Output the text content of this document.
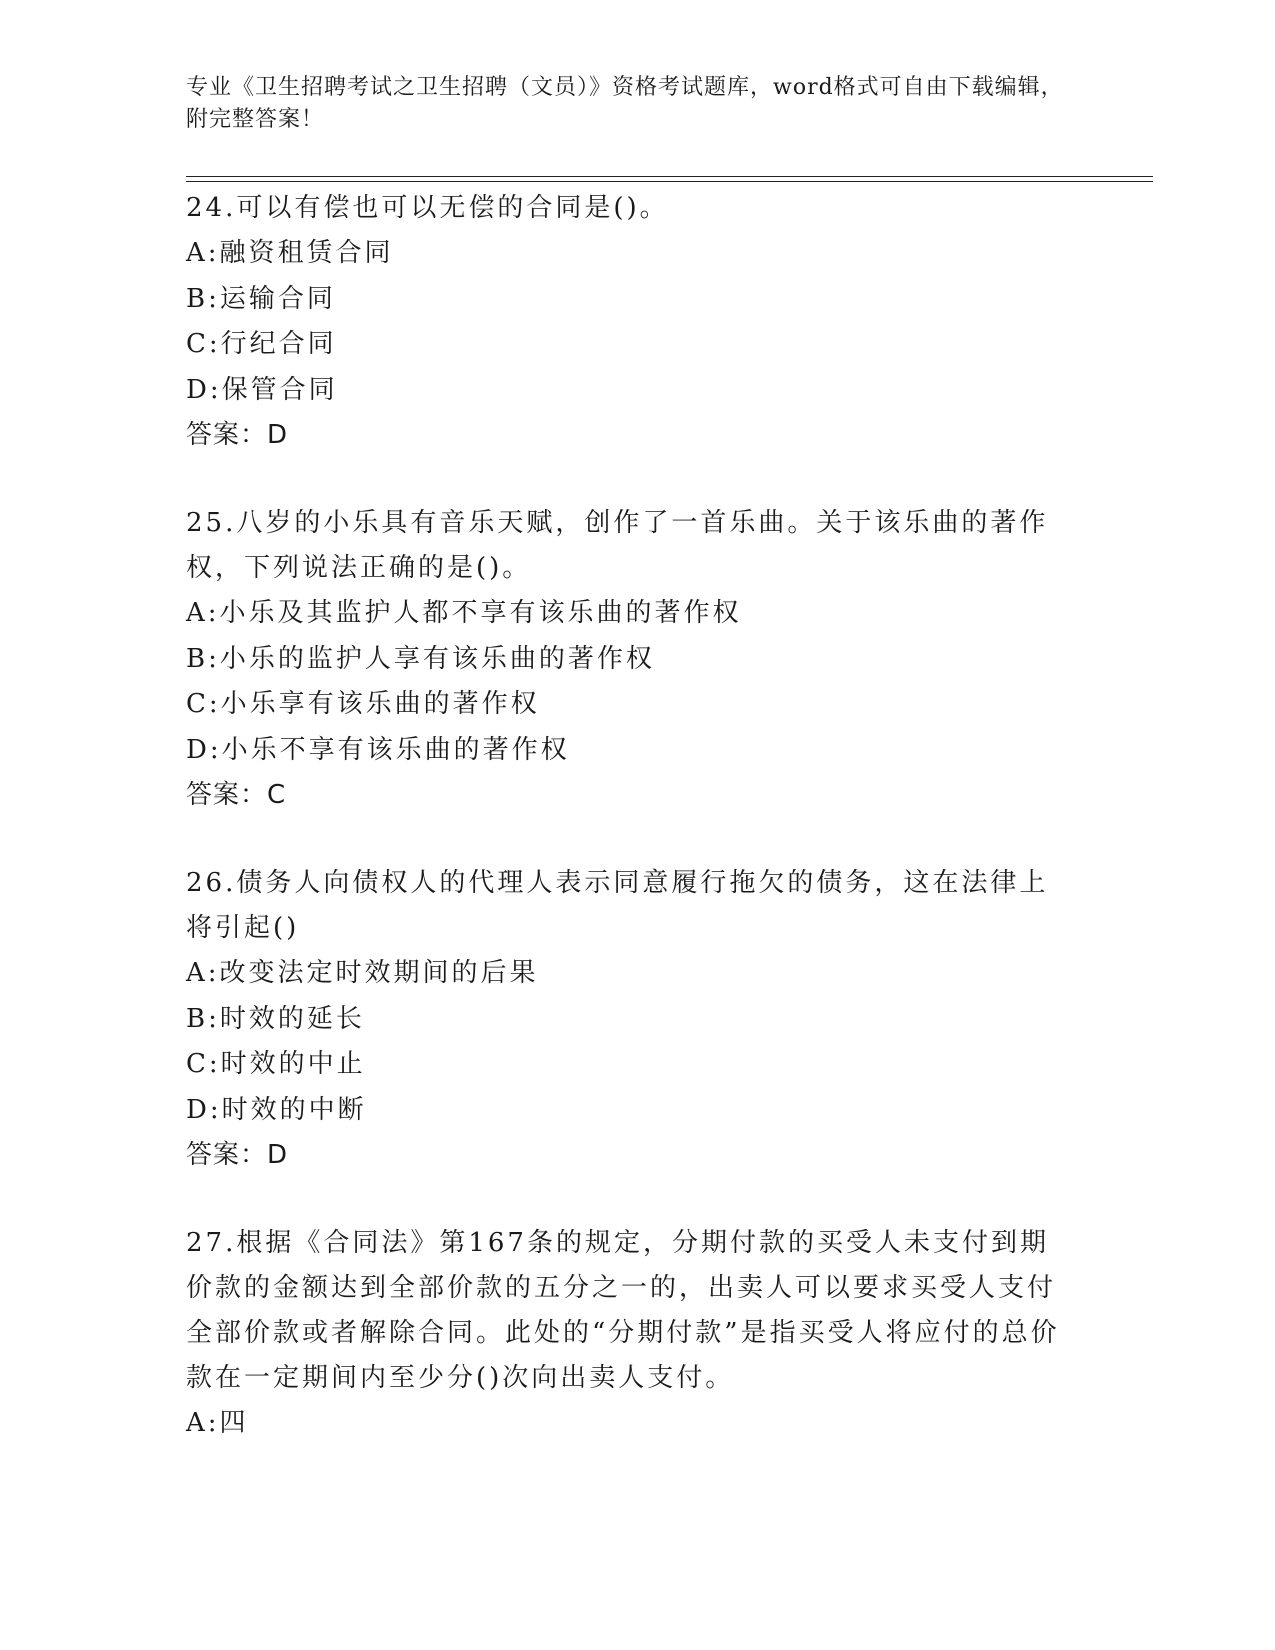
专业《卫生招聘考试之卫生招聘（文员）》资格考试题库，word格式可自由下载编辑，附完整答案！
24.可以有偿也可以无偿的合同是()。
A:融资租赁合同
B:运输合同
C:行纪合同
D:保管合同
答案：D
25.八岁的小乐具有音乐天赋，创作了一首乐曲。关于该乐曲的著作权，下列说法正确的是()。
A:小乐及其监护人都不享有该乐曲的著作权
B:小乐的监护人享有该乐曲的著作权
C:小乐享有该乐曲的著作权
D:小乐不享有该乐曲的著作权
答案：C
26.债务人向债权人的代理人表示同意履行拖欠的债务，这在法律上将引起()
A:改变法定时效期间的后果
B:时效的延长
C:时效的中止
D:时效的中断
答案：D
27.根据《合同法》第167条的规定，分期付款的买受人未支付到期价款的金额达到全部价款的五分之一的，出卖人可以要求买受人支付全部价款或者解除合同。此处的“分期付款”是指买受人将应付的总价款在一定期间内至少分()次向出卖人支付。
A:四
